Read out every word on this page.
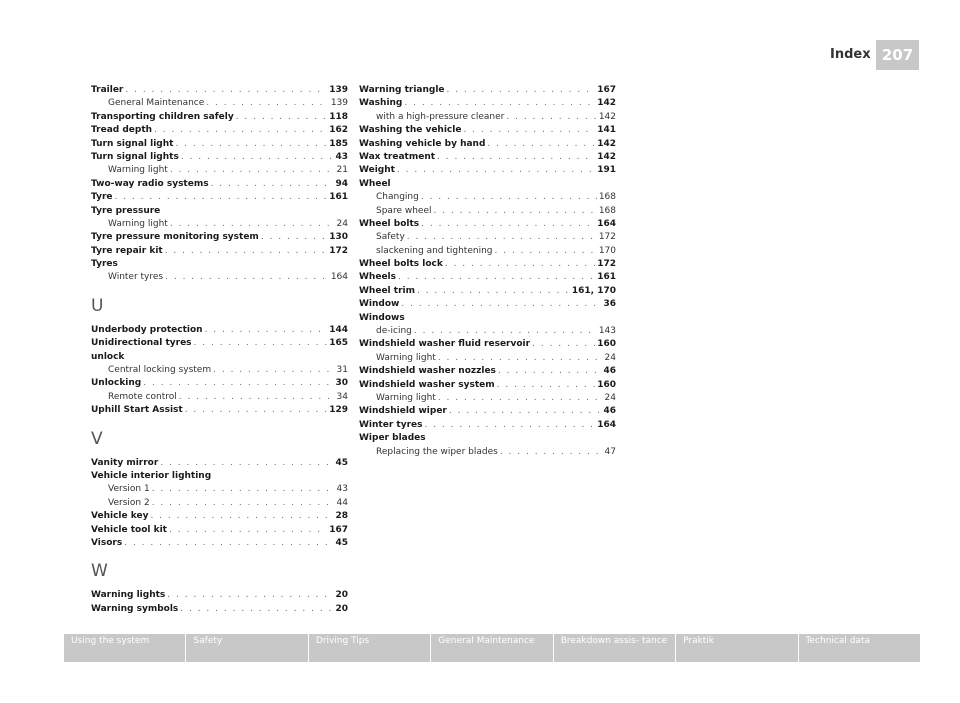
Index 207
Trailer . . .	139
General Maintenance . . .	139
Transporting children safely . . .	118
Tread depth . . .	162
Turn signal light . . .	185
Turn signal lights . . .	43
Warning light . . .	21
Two-way radio systems . . .	94
Tyre . . .	161
Tyre pressure
Warning light . . .	24
Tyre pressure monitoring system . . .	130
Tyre repair kit . . .	172
Tyres
Winter tyres . . .	164
U
Underbody protection . . .	144
Unidirectional tyres . . .	165
unlock
Central locking system . . .	31
Unlocking . . .	30
Remote control . . .	34
Uphill Start Assist . . .	129
V
Vanity mirror . . .	45
Vehicle interior lighting
Version 1 . . .	43
Version 2 . . .	44
Vehicle key . . .	28
Vehicle tool kit . . .	167
Visors . . .	45
W
Warning lights . . .	20
Warning symbols . . .	20
Warning triangle . . .	167
Washing . . .	142
with a high-pressure cleaner . . .	142
Washing the vehicle . . .	141
Washing vehicle by hand . . .	142
Wax treatment . . .	142
Weight . . .	191
Wheel
Changing . . .	168
Spare wheel . . .	168
Wheel bolts . . .	164
Safety . . .	172
slackening and tightening . . .	170
Wheel bolts lock . . .	172
Wheels . . .	161
Wheel trim . . .	161, 170
Window . . .	36
Windows
de-icing . . .	143
Windshield washer fluid reservoir . . .	160
Warning light . . .	24
Windshield washer nozzles . . .	46
Windshield washer system . . .	160
Warning light . . .	24
Windshield wiper . . .	46
Winter tyres . . .	164
Wiper blades
Replacing the wiper blades . . .	47
Using the system	Safety	Driving Tips	General Maintenance	Breakdown assis- tance	Praktik	Technical data
